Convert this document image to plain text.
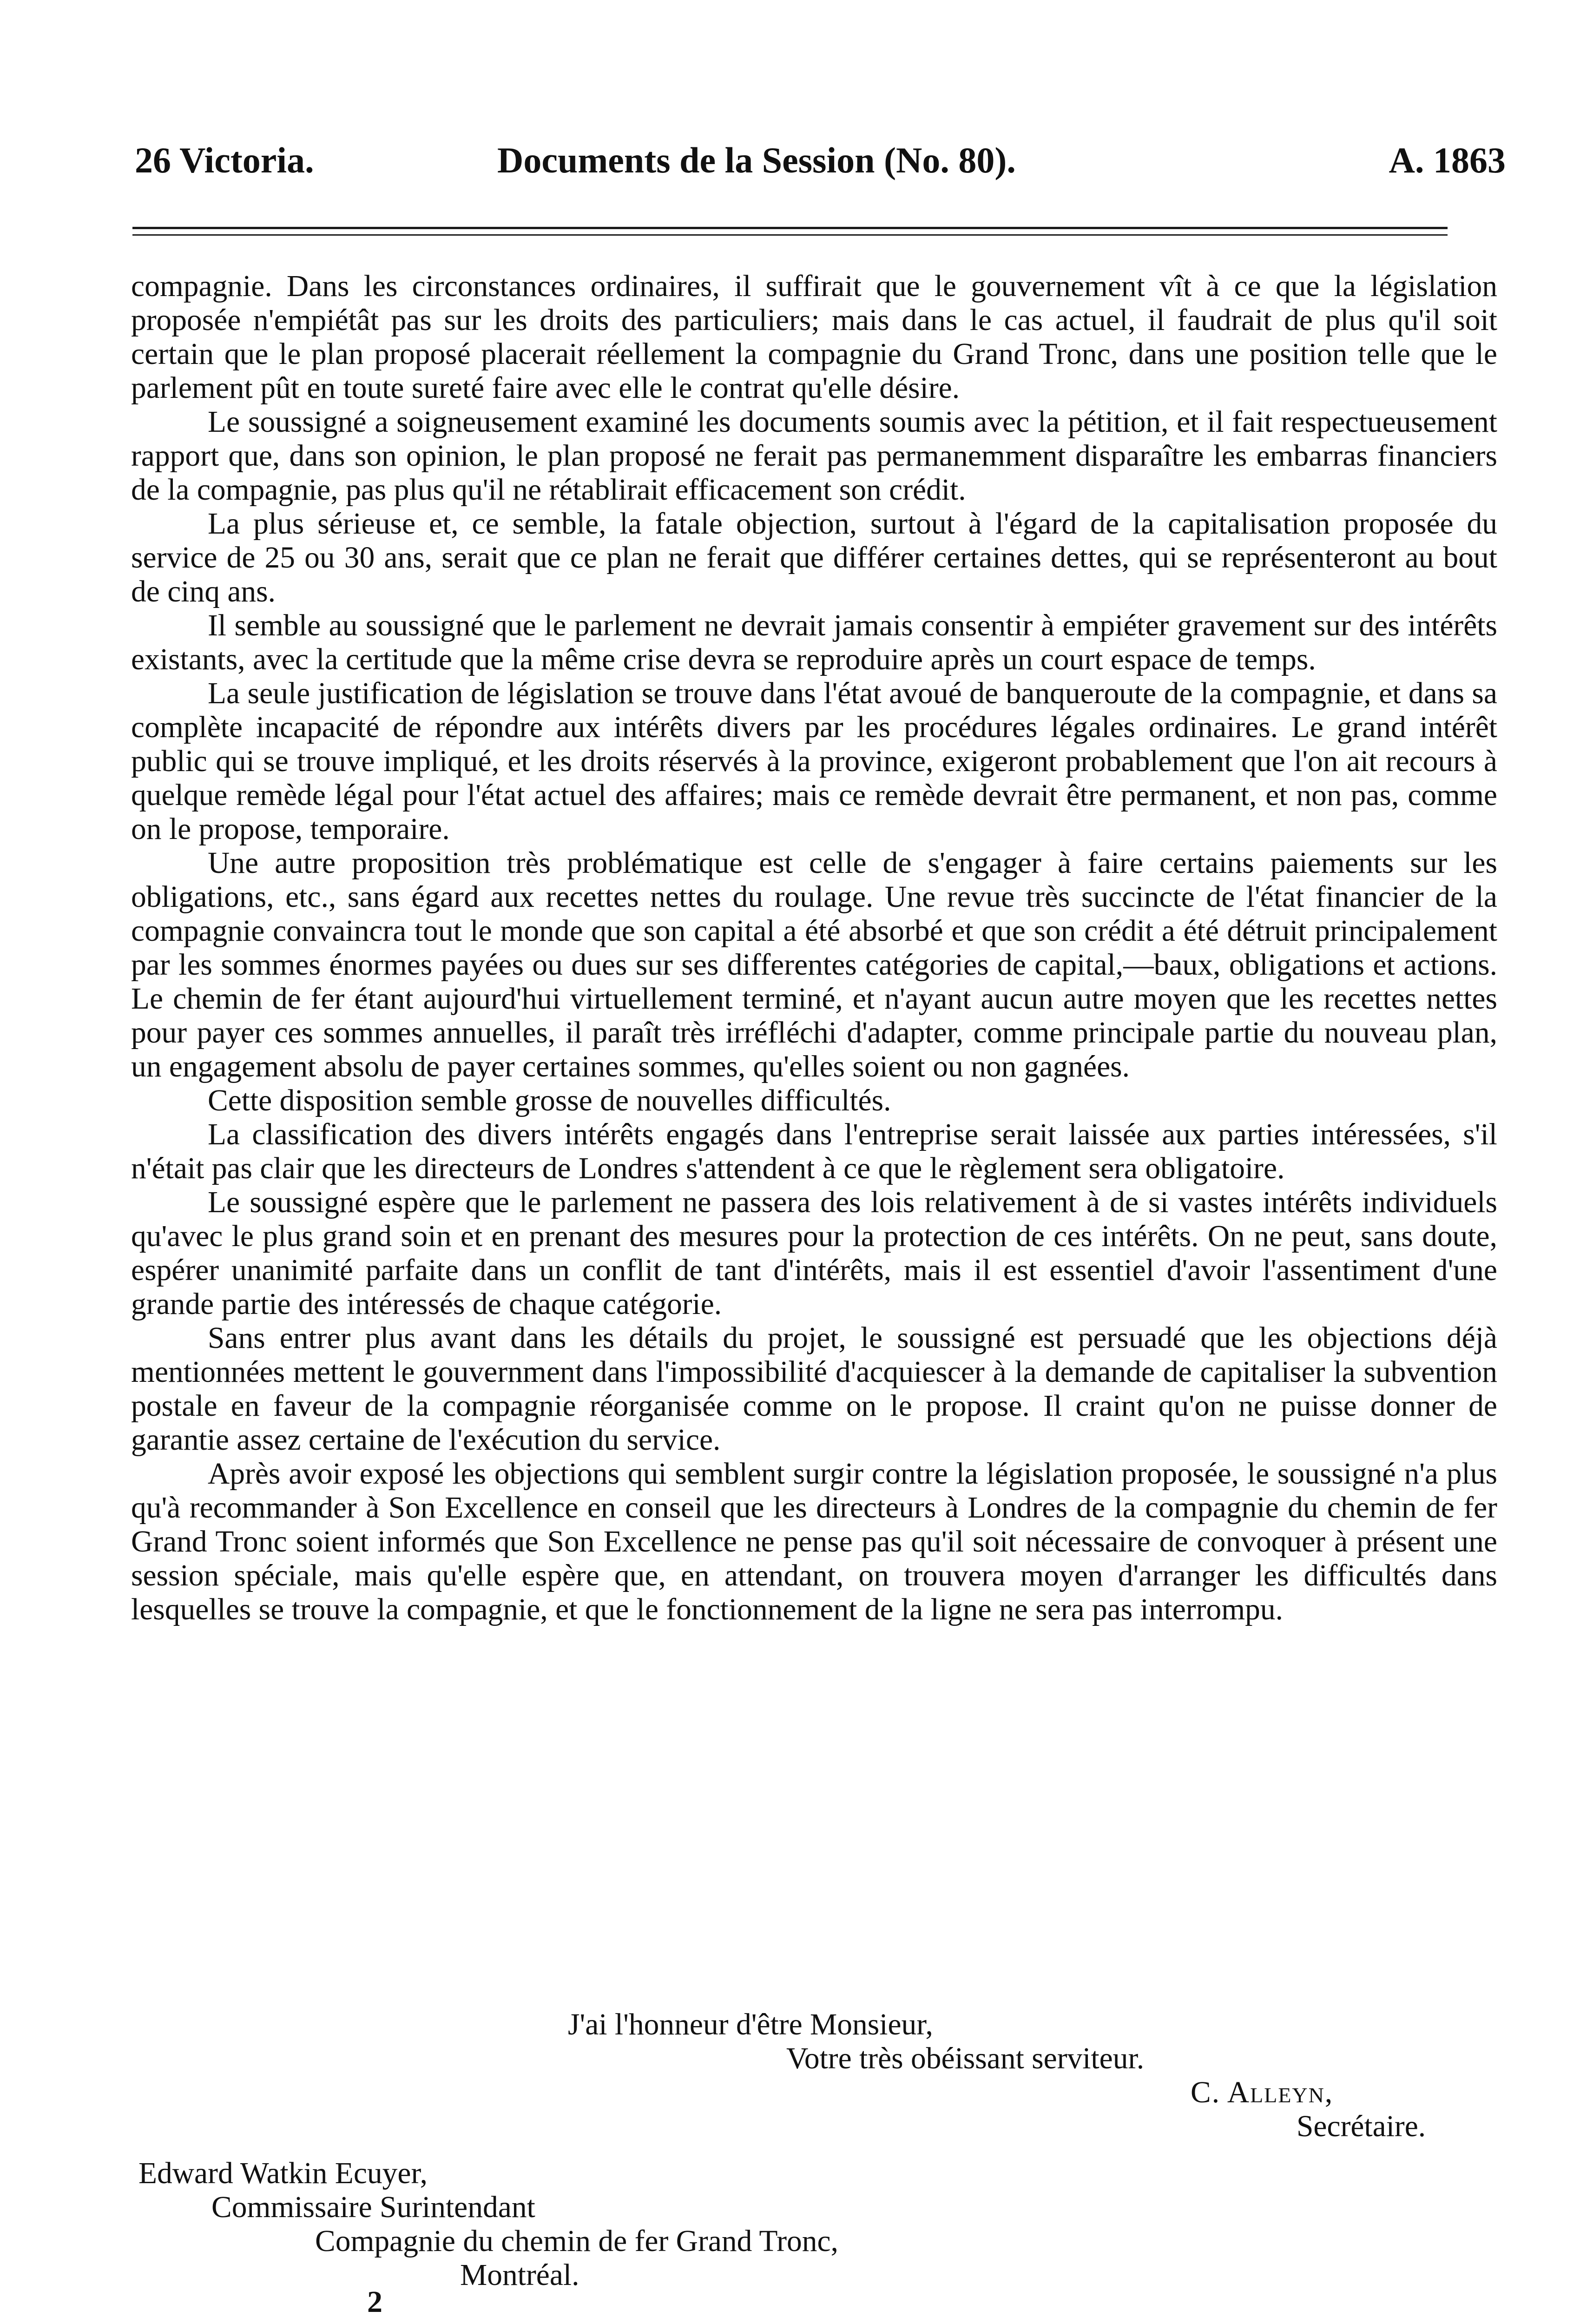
26 Victoria.	Documents de la Session (No. 80).	A. 1863

compagnie. Dans les circonstances ordinaires, il suffirait que le gouvernement vît à ce que la législation proposée n'empiétât pas sur les droits des particuliers; mais dans le cas actuel, il faudrait de plus qu'il soit certain que le plan proposé placerait réellement la compagnie du Grand Tronc, dans une position telle que le parlement pût en toute sureté faire avec elle le contrat qu'elle désire.

Le soussigné a soigneusement examiné les documents soumis avec la pétition, et il fait respectueusement rapport que, dans son opinion, le plan proposé ne ferait pas permanemment disparaître les embarras financiers de la compagnie, pas plus qu'il ne rétablirait efficacement son crédit.

La plus sérieuse et, ce semble, la fatale objection, surtout à l'égard de la capitalisation proposée du service de 25 ou 30 ans, serait que ce plan ne ferait que différer certaines dettes, qui se représenteront au bout de cinq ans.

Il semble au soussigné que le parlement ne devrait jamais consentir à empiéter gravement sur des intérêts existants, avec la certitude que la même crise devra se reproduire après un court espace de temps.

La seule justification de législation se trouve dans l'état avoué de banqueroute de la compagnie, et dans sa complète incapacité de répondre aux intérêts divers par les procédures légales ordinaires. Le grand intérêt public qui se trouve impliqué, et les droits réservés à la province, exigeront probablement que l'on ait recours à quelque remède légal pour l'état actuel des affaires; mais ce remède devrait être permanent, et non pas, comme on le propose, temporaire.

Une autre proposition très problématique est celle de s'engager à faire certains paiements sur les obligations, etc., sans égard aux recettes nettes du roulage. Une revue très succincte de l'état financier de la compagnie convaincra tout le monde que son capital a été absorbé et que son crédit a été détruit principalement par les sommes énormes payées ou dues sur ses differentes catégories de capital,—baux, obligations et actions. Le chemin de fer étant aujourd'hui virtuellement terminé, et n'ayant aucun autre moyen que les recettes nettes pour payer ces sommes annuelles, il paraît très irréfléchi d'adapter, comme principale partie du nouveau plan, un engagement absolu de payer certaines sommes, qu'elles soient ou non gagnées.

Cette disposition semble grosse de nouvelles difficultés.

La classification des divers intérêts engagés dans l'entreprise serait laissée aux parties intéressées, s'il n'était pas clair que les directeurs de Londres s'attendent à ce que le règlement sera obligatoire.

Le soussigné espère que le parlement ne passera des lois relativement à de si vastes intérêts individuels qu'avec le plus grand soin et en prenant des mesures pour la protection de ces intérêts. On ne peut, sans doute, espérer unanimité parfaite dans un conflit de tant d'intérêts, mais il est essentiel d'avoir l'assentiment d'une grande partie des intéressés de chaque catégorie.

Sans entrer plus avant dans les détails du projet, le soussigné est persuadé que les objections déjà mentionnées mettent le gouvernment dans l'impossibilité d'acquiescer à la demande de capitaliser la subvention postale en faveur de la compagnie réorganisée comme on le propose. Il craint qu'on ne puisse donner de garantie assez certaine de l'exécution du service.

Après avoir exposé les objections qui semblent surgir contre la législation proposée, le soussigné n'a plus qu'à recommander à Son Excellence en conseil que les directeurs à Londres de la compagnie du chemin de fer Grand Tronc soient informés que Son Excellence ne pense pas qu'il soit nécessaire de convoquer à présent une session spéciale, mais qu'elle espère que, en attendant, on trouvera moyen d'arranger les difficultés dans lesquelles se trouve la compagnie, et que le fonctionnement de la ligne ne sera pas interrompu.

J'ai l'honneur d'être Monsieur,
Votre très obéissant serviteur.
C. Alleyn,
Secrétaire.
Edward Watkin Ecuyer,
Commissaire Surintendant
Compagnie du chemin de fer Grand Tronc,
Montréal.
2
